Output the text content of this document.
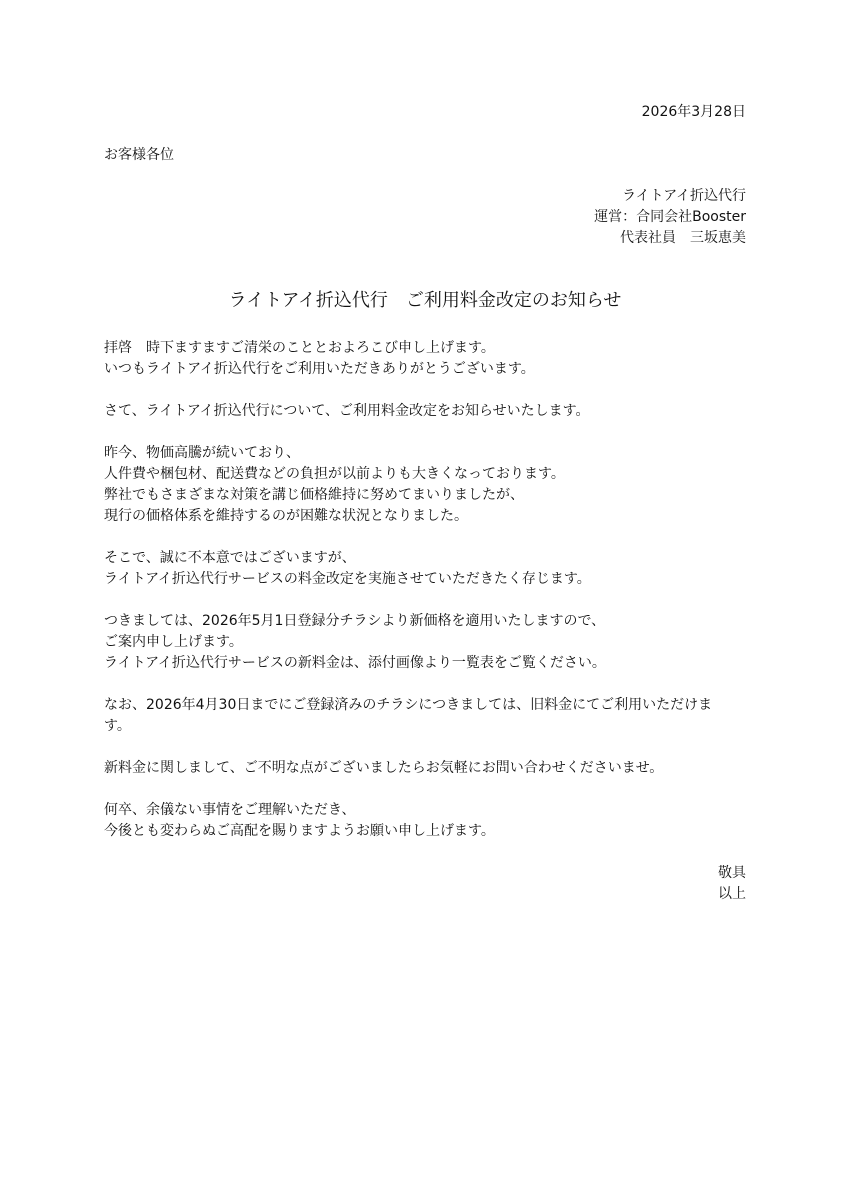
2026年3月28日

お客様各位

ライトアイ折込代行

運営：合同会社Booster

代表社員　三坂恵美

ライトアイ折込代行　ご利用料金改定のお知らせ

拝啓　時下ますますご清栄のこととおよろこび申し上げます。

いつもライトアイ折込代行をご利用いただきありがとうございます。

さて、ライトアイ折込代行について、ご利用料金改定をお知らせいたします。

昨今、物価高騰が続いており、

人件費や梱包材、配送費などの負担が以前よりも大きくなっております。

弊社でもさまざまな対策を講じ価格維持に努めてまいりましたが、

現行の価格体系を維持するのが困難な状況となりました。

そこで、誠に不本意ではございますが、

ライトアイ折込代行サービスの料金改定を実施させていただきたく存じます。

つきましては、2026年5月1日登録分チラシより新価格を適用いたしますので、

ご案内申し上げます。

ライトアイ折込代行サービスの新料金は、添付画像より一覧表をご覧ください。

なお、2026年4月30日までにご登録済みのチラシにつきましては、旧料金にてご利用いただけま

す。

新料金に関しまして、ご不明な点がございましたらお気軽にお問い合わせくださいませ。

何卒、余儀ない事情をご理解いただき、

今後とも変わらぬご高配を賜りますようお願い申し上げます。

敬具

以上
